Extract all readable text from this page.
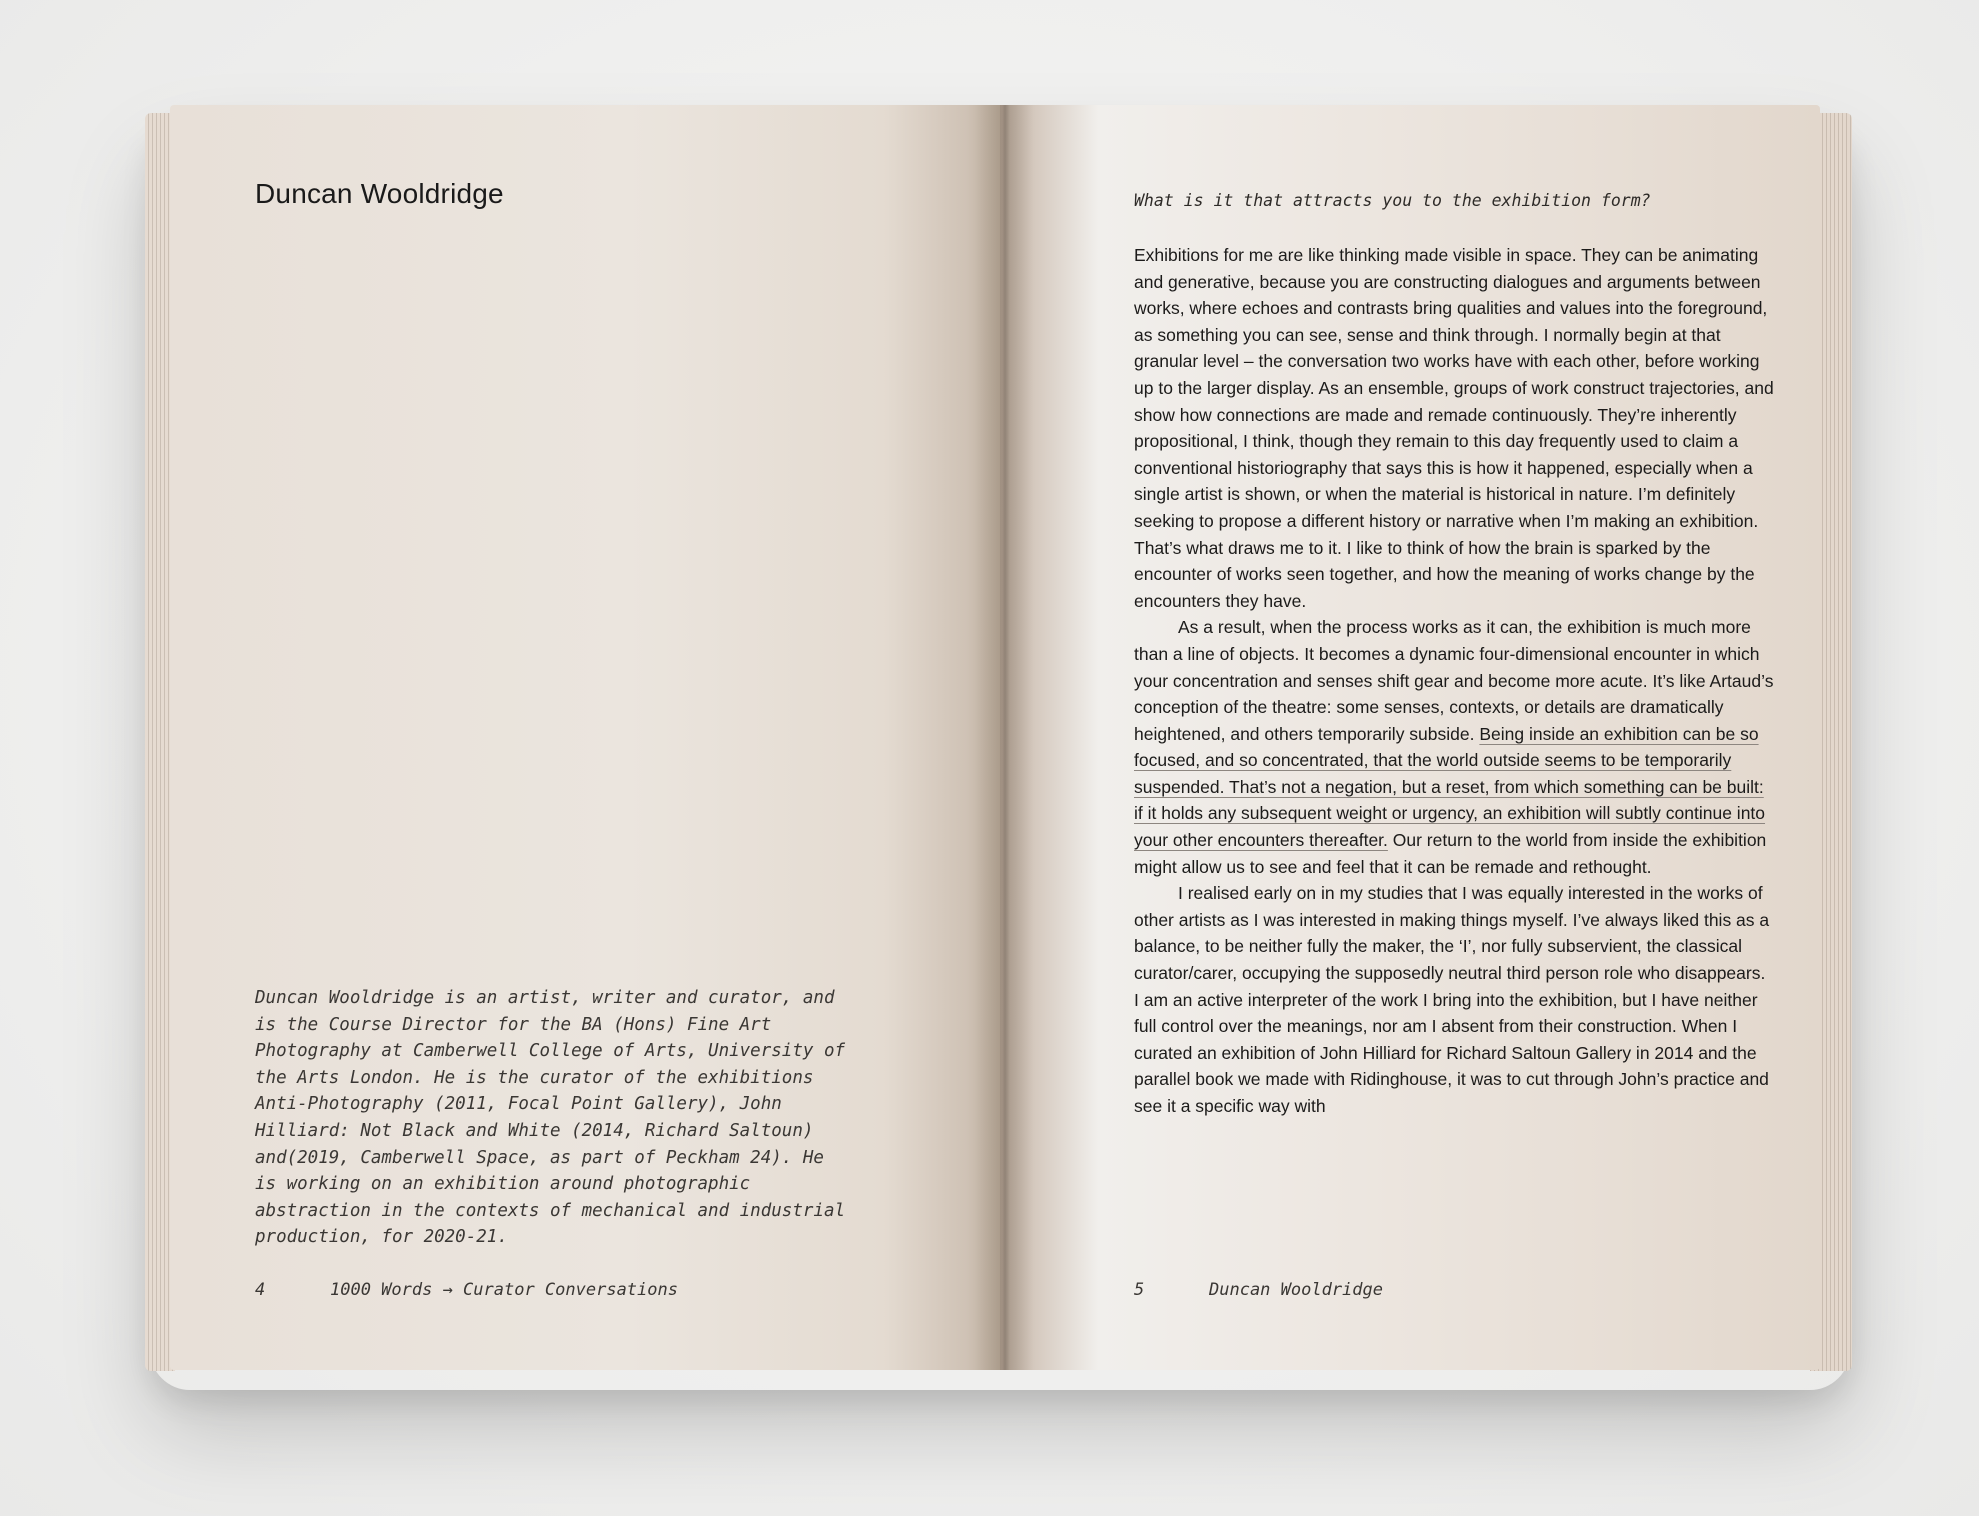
Duncan Wooldridge

Duncan Wooldridge is an artist, writer and curator, and is the Course Director for the BA (Hons) Fine Art Photography at Camberwell College of Arts, University of the Arts London. He is the curator of the exhibitions Anti-Photography (2011, Focal Point Gallery), John Hilliard: Not Black and White (2014, Richard Saltoun) and(2019, Camberwell Space, as part of Peckham 24). He is working on an exhibition around photographic abstraction in the contexts of mechanical and industrial production, for 2020-21.

4	1000 Words → Curator Conversations

What is it that attracts you to the exhibition form?

Exhibitions for me are like thinking made visible in space. They can be animating and generative, because you are constructing dialogues and arguments between works, where echoes and contrasts bring qualities and values into the foreground, as something you can see, sense and think through. I normally begin at that granular level – the conversation two works have with each other, before working up to the larger display. As an ensemble, groups of work construct trajectories, and show how connections are made and remade continuously. They’re inherently propositional, I think, though they remain to this day frequently used to claim a conventional historiography that says this is how it happened, especially when a single artist is shown, or when the material is historical in nature. I’m definitely seeking to propose a different history or narrative when I’m making an exhibition. That’s what draws me to it. I like to think of how the brain is sparked by the encounter of works seen together, and how the meaning of works change by the encounters they have.

As a result, when the process works as it can, the exhibition is much more than a line of objects. It becomes a dynamic four-dimensional encounter in which your concentration and senses shift gear and become more acute. It’s like Artaud’s conception of the theatre: some senses, contexts, or details are dramatically heightened, and others temporarily subside. Being inside an exhibition can be so focused, and so concentrated, that the world outside seems to be temporarily suspended. That’s not a negation, but a reset, from which something can be built: if it holds any subsequent weight or urgency, an exhibition will subtly continue into your other encounters thereafter. Our return to the world from inside the exhibition might allow us to see and feel that it can be remade and rethought.

I realised early on in my studies that I was equally interested in the works of other artists as I was interested in making things myself. I’ve always liked this as a balance, to be neither fully the maker, the ‘I’, nor fully subservient, the classical curator/carer, occupying the supposedly neutral third person role who disappears. I am an active interpreter of the work I bring into the exhibition, but I have neither full control over the meanings, nor am I absent from their construction. When I curated an exhibition of John Hilliard for Richard Saltoun Gallery in 2014 and the parallel book we made with Ridinghouse, it was to cut through John’s practice and see it a specific way with

5	Duncan Wooldridge
